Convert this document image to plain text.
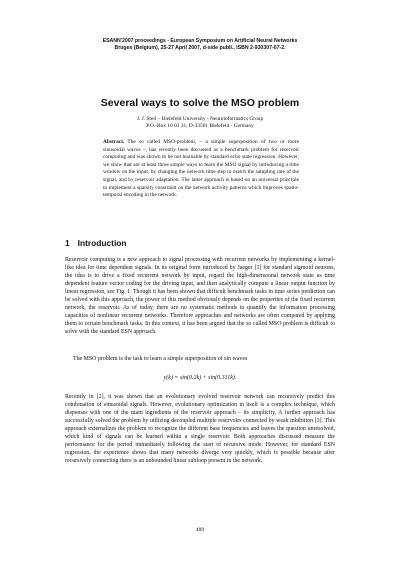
ESANN'2007 proceedings - European Symposium on Artificial Neural Networks
Bruges (Belgium), 25-27 April 2007, d-side publi., ISBN 2-930307-07-2.
Several ways to solve the MSO problem
J. J. Steil – Bielefeld University - Neuroinformatics Group
P.O.-Box 10 01 31, D-33501 Bielefeld - Germany
Abstract. The so called MSO-problem, – a simple superposition of two or more sinusoidal waves –, has recently been discussed as a benchmark problem for reservoir computing and was shown to be not learnable by standard echo state regression. However, we show that are at least three simple ways to learn the MSO signal by introducing a time window on the input, by changing the network time step to match the sampling rate of the signal, and by reservoir adaptation. The latter approach is based on an universal principle to implement a sparsity constraint on the network activity patterns which improves spatio-temporal encoding in the network.
1 Introduction
Reservoir computing is a new approach to signal processing with recurrent networks by implementing a kernel-like idea for time dependent signals. In its original form introduced by Jaeger [1] for standard sigmoid neurons, the idea is to drive a fixed recurrent network by input, regard the high-dimensional network state as time dependent feature vector coding for the driving input, and then analytically compute a linear output function by linear regression, see Fig. 1. Though it has been shown that difficult benchmark tasks in time series prediction can be solved with this approach, the power of this method obviously depends on the properties of the fixed recurrent network, the reservoir. As of today, there are no systematic methods to quantify the information processing capacities of nonlinear recurrent networks. Therefore approaches and networks are often compared by applying them to certain benchmark tasks. In this context, it has been argued that the so called MSO problem is difficult to solve with the standard ESN approach.
The MSO problem is the task to learn a simple superposition of sin waves
y(k) = sin(0.2k) + sin(0.311k).
Recently in [2], it was shown that an evolutionary evolved reservoir network can recursively predict this combination of sinusoidal signals. However, evolutionary optimization in itself is a complex technique, which dispenses with one of the main ingredients of the reservoir approach – its simplicity. A further approach has successfully solved the problem by utilizing decoupled multiple reservoirs connected by weak inhibition [3]. This approach externalizes the problem to recognize the different base frequencies and leaves the question unresolved, which kind of signals can be learned within a single reservoir. Both approaches discussed measure the performance for the period immediately following the start of recursive mode. However, for standard ESN regression, the experience shows that many networks diverge very quickly, which is possible because after recursively connecting there is an unbounded linear subloop present in the network.
489
